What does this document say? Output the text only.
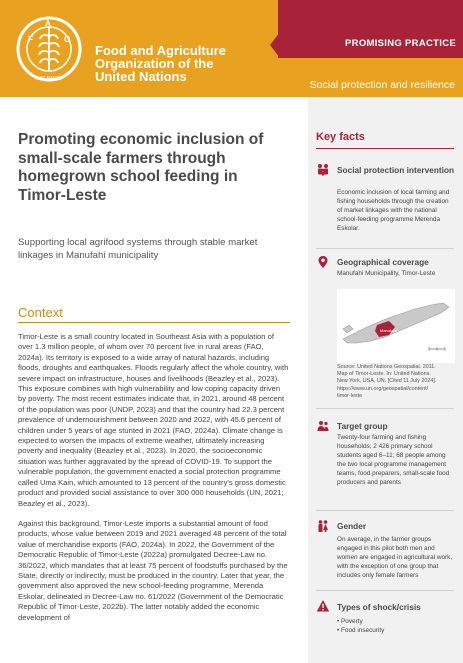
PROMISING PRACTICE
Social protection and resilience
F
A
O
FIAT PANIS
Food and Agriculture
Organization of the
United Nations
Promoting economic inclusion of small-scale farmers through homegrown school feeding in Timor-Leste
Supporting local agrifood systems through stable market linkages in Manufahi municipality
Context
Timor-Leste is a small country located in Southeast Asia with a population of over 1.3 million people, of whom over 70 percent live in rural areas (FAO, 2024a). Its territory is exposed to a wide array of natural hazards, including floods, droughts and earthquakes. Floods regularly affect the whole country, with severe impact on infrastructure, houses and livelihoods (Beazley et al., 2023). This exposure combines with high vulnerability and low coping capacity driven by poverty. The most recent estimates indicate that, in 2021, around 48 percent of the population was poor (UNDP, 2023) and that the country had 22.3 percent prevalence of undernourishment between 2020 and 2022, with 45.6 percent of children under 5 years of age stunted in 2021 (FAO, 2024a). Climate change is expected to worsen the impacts of extreme weather, ultimately increasing poverty and inequality (Beazley et al., 2023). In 2020, the socioeconomic situation was further aggravated by the spread of COVID-19. To support the vulnerable population, the government enacted a social protection programme called Uma Kain, which amounted to 13 percent of the country's gross domestic product and provided social assistance to over 300 000 households (UN, 2021; Beazley et al., 2023).
Against this background, Timor-Leste imports a substantial amount of food products, whose value between 2019 and 2021 averaged 48 percent of the total value of merchandise exports (FAO, 2024a). In 2022, the Government of the Democratic Republic of Timor-Leste (2022a) promulgated Decree-Law no. 36/2022, which mandates that at least 75 percent of foodstuffs purchased by the State, directly or indirectly, must be produced in the country. Later that year, the government also approved the new school-feeding programme, Merenda Eskolar, delineated in Decree-Law no. 61/2022 (Government of the Democratic Republic of Timor-Leste, 2022b). The latter notably added the economic development of
Key facts
Social protection intervention
Economic inclusion of local farming and fishing households through the creation of market linkages with the national school-feeding programme Merenda Eskolar.
Geographical coverage
Manufahi Municipality, Timor-Leste
Manufahi
Source: United Nations Geospatial. 2011.
Map of Timor-Leste. In: United Nations.
New York, USA, UN. [Cited 11 July 2024].
https://www.un.org/geospatial/content/
timor-leste
Target group
Twenty-four farming and fishing households; 2 426 primary school students aged 6–11; 68 people among the two local programme management teams, food preparers, small-scale food producers and parents
Gender
On average, in the farmer groups engaged in this pilot both men and women are engaged in agricultural work, with the exception of one group that includes only female farmers
Types of shock/crisis
• Poverty
• Food insecurity
